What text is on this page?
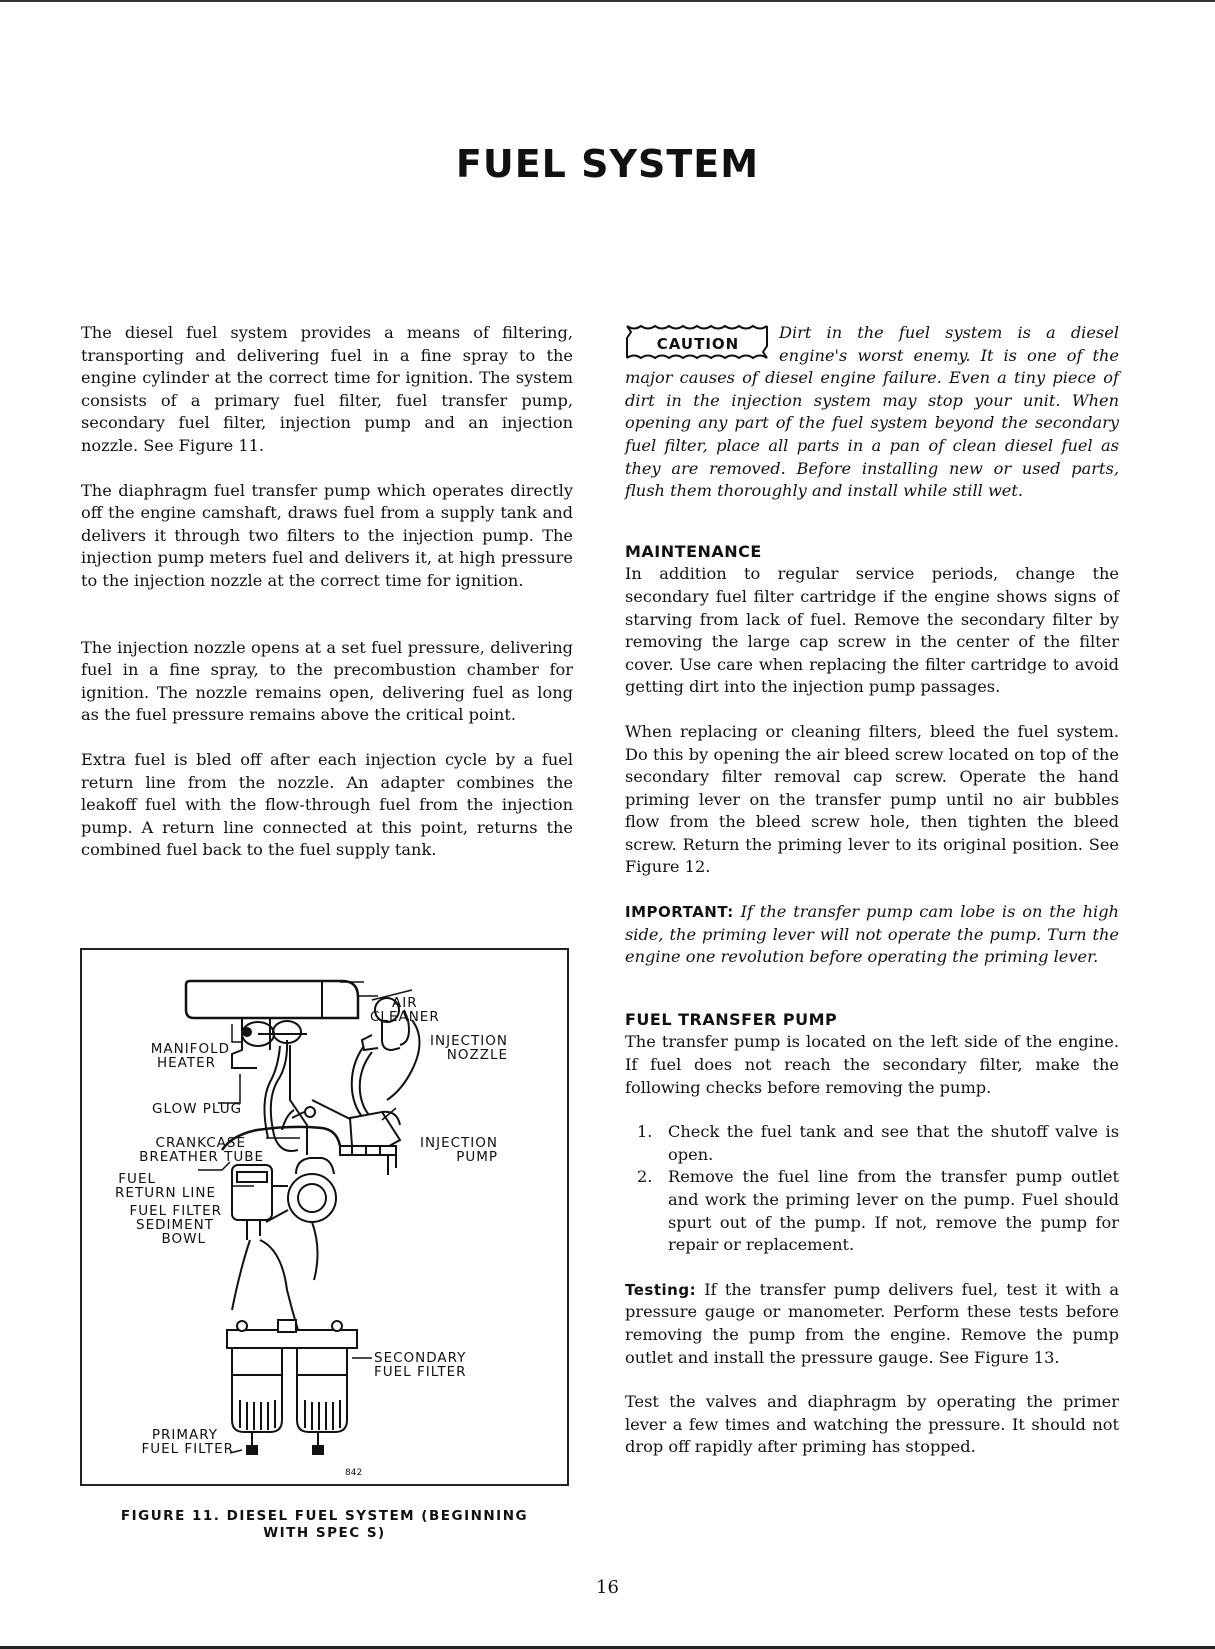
FUEL SYSTEM

The diesel fuel system provides a means of filtering, transporting and delivering fuel in a fine spray to the engine cylinder at the correct time for ignition. The system consists of a primary fuel filter, fuel transfer pump, secondary fuel filter, injection pump and an injection nozzle. See Figure 11.

The diaphragm fuel transfer pump which operates directly off the engine camshaft, draws fuel from a supply tank and delivers it through two filters to the injection pump. The injection pump meters fuel and delivers it, at high pressure to the injection nozzle at the correct time for ignition.

The injection nozzle opens at a set fuel pressure, delivering fuel in a fine spray, to the precombustion chamber for ignition. The nozzle remains open, delivering fuel as long as the fuel pressure remains above the critical point.

Extra fuel is bled off after each injection cycle by a fuel return line from the nozzle. An adapter combines the leakoff fuel with the flow-through fuel from the injection pump. A return line connected at this point, returns the combined fuel back to the fuel supply tank.

AIR
CLEANER
INJECTION
NOZZLE
MANIFOLD
HEATER
GLOW PLUG
CRANKCASE
BREATHER TUBE
INJECTION
PUMP
FUEL
RETURN LINE
FUEL FILTER
SEDIMENT
BOWL
SECONDARY
FUEL FILTER
PRIMARY
FUEL FILTER
842
FIGURE 11. DIESEL FUEL SYSTEM (BEGINNING
WITH SPEC S)

CAUTION
Dirt in the fuel system is a diesel engine's worst enemy. It is one of the major causes of diesel engine failure. Even a tiny piece of dirt in the injection system may stop your unit. When opening any part of the fuel system beyond the secondary fuel filter, place all parts in a pan of clean diesel fuel as they are removed. Before installing new or used parts, flush them thoroughly and install while still wet.

MAINTENANCE

In addition to regular service periods, change the secondary fuel filter cartridge if the engine shows signs of starving from lack of fuel. Remove the secondary filter by removing the large cap screw in the center of the filter cover. Use care when replacing the filter cartridge to avoid getting dirt into the injection pump passages.

When replacing or cleaning filters, bleed the fuel system. Do this by opening the air bleed screw located on top of the secondary filter removal cap screw. Operate the hand priming lever on the transfer pump until no air bubbles flow from the bleed screw hole, then tighten the bleed screw. Return the priming lever to its original position. See Figure 12.

IMPORTANT: If the transfer pump cam lobe is on the high side, the priming lever will not operate the pump. Turn the engine one revolution before operating the priming lever.

FUEL TRANSFER PUMP

The transfer pump is located on the left side of the engine. If fuel does not reach the secondary filter, make the following checks before removing the pump.

1. Check the fuel tank and see that the shutoff valve is open.
2. Remove the fuel line from the transfer pump outlet and work the priming lever on the pump. Fuel should spurt out of the pump. If not, remove the pump for repair or replacement.

Testing: If the transfer pump delivers fuel, test it with a pressure gauge or manometer. Perform these tests before removing the pump from the engine. Remove the pump outlet and install the pressure gauge. See Figure 13.

Test the valves and diaphragm by operating the primer lever a few times and watching the pressure. It should not drop off rapidly after priming has stopped.

16
